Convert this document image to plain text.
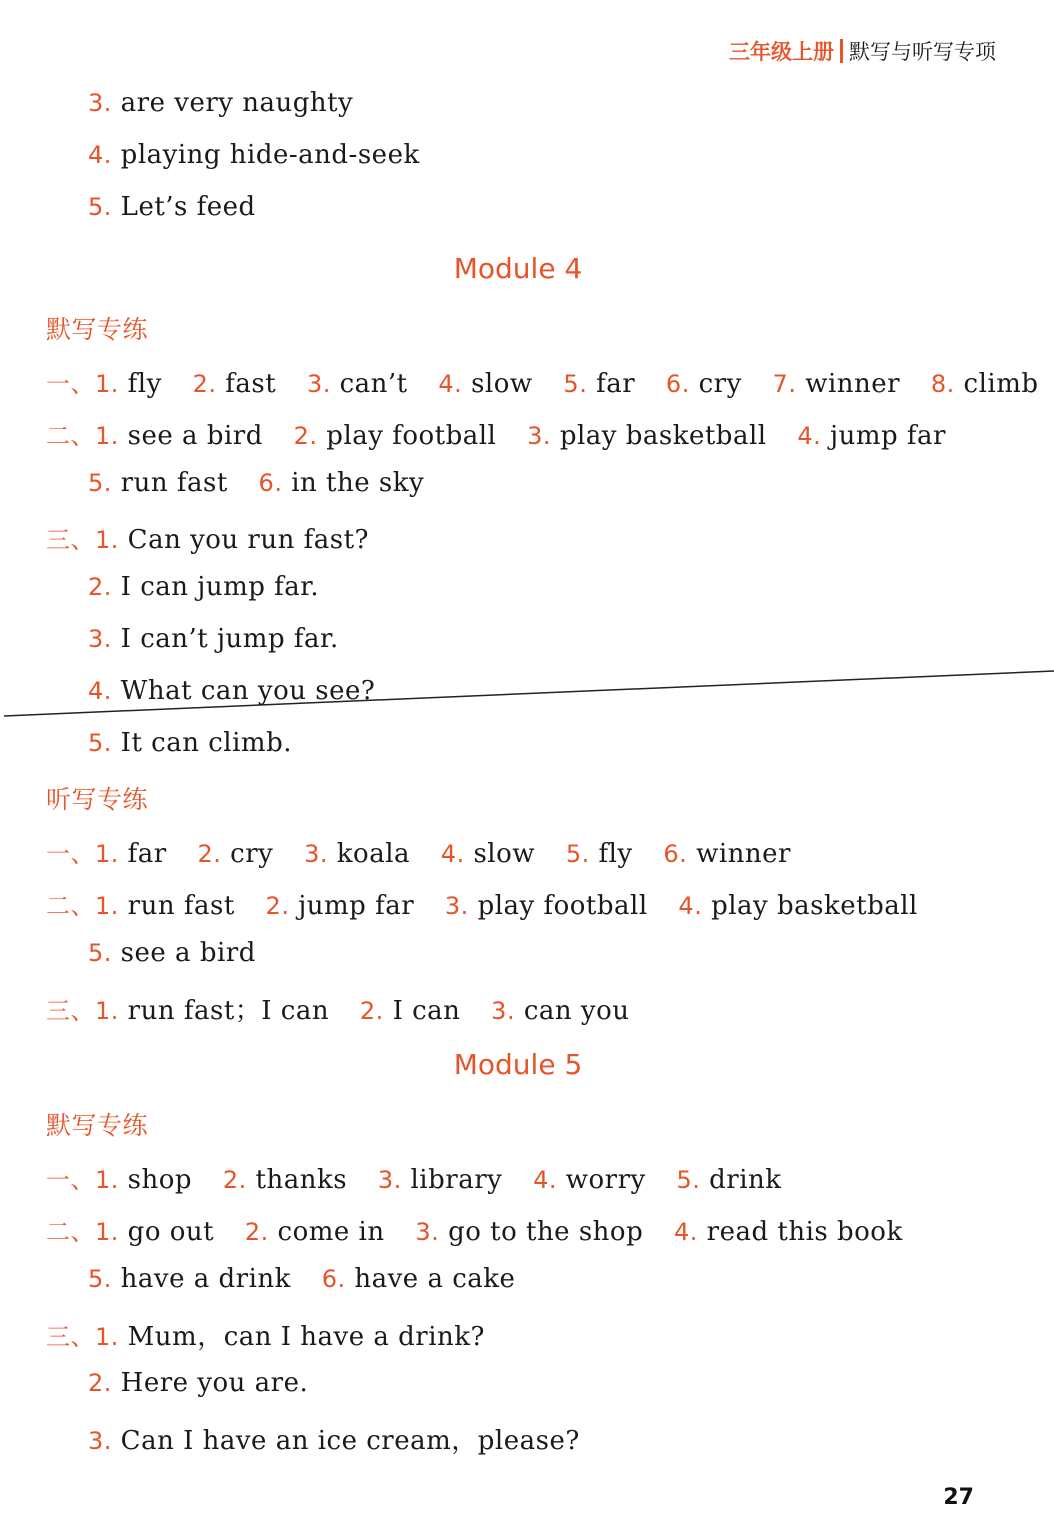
三年级上册 默写与听写专项
3. are very naughty
4. playing hide-and-seek
5. Let’s feed
Module 4
默写专练
一、1. fly 2. fast 3. can’t 4. slow 5. far 6. cry 7. winner 8. climb
二、1. see a bird 2. play football 3. play basketball 4. jump far
5. run fast 6. in the sky
三、1. Can you run fast?
2. I can jump far.
3. I can’t jump far.
4. What can you see?
5. It can climb.
听写专练
一、1. far 2. cry 3. koala 4. slow 5. fly 6. winner
二、1. run fast 2. jump far 3. play football 4. play basketball
5. see a bird
三、1. run fast；I can 2. I can 3. can you
Module 5
默写专练
一、1. shop 2. thanks 3. library 4. worry 5. drink
二、1. go out 2. come in 3. go to the shop 4. read this book
5. have a drink 6. have a cake
三、1. Mum，can I have a drink?
2. Here you are.
3. Can I have an ice cream，please?
27
